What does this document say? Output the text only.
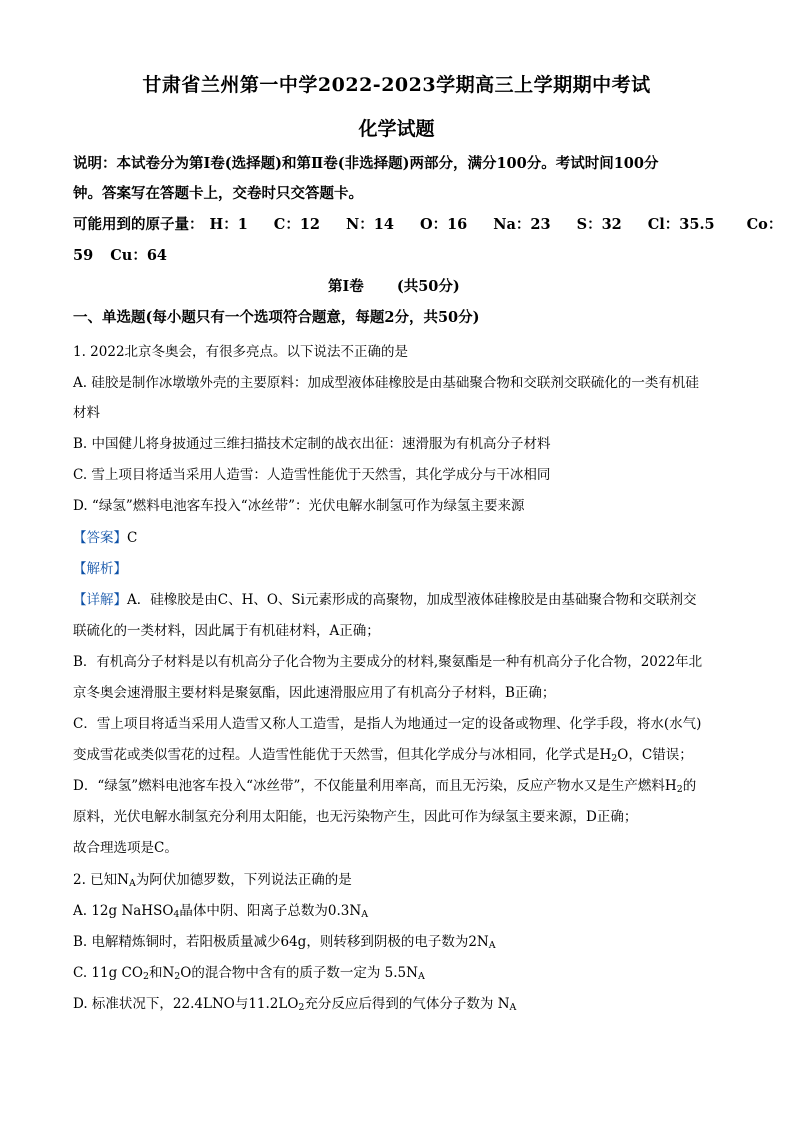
甘肃省兰州第一中学2022-2023学期高三上学期期中考试
化学试题
说明：本试卷分为第Ⅰ卷(选择题)和第Ⅱ卷(非选择题)两部分，满分100分。考试时间100分
钟。答案写在答题卡上，交卷时只交答题卡。
可能用到的原子量： H：1 C：12 N：14 O：16 Na：23 S：32 Cl：35.5 Co：
59 Cu：64
第Ⅰ卷 (共50分)
一、单选题(每小题只有一个选项符合题意，每题2分，共50分)
1. 2022北京冬奥会，有很多亮点。以下说法不正确的是
A. 硅胶是制作冰墩墩外壳的主要原料：加成型液体硅橡胶是由基础聚合物和交联剂交联硫化的一类有机硅
材料
B. 中国健儿将身披通过三维扫描技术定制的战衣出征：速滑服为有机高分子材料
C. 雪上项目将适当采用人造雪：人造雪性能优于天然雪，其化学成分与干冰相同
D. “绿氢”燃料电池客车投入“冰丝带”：光伏电解水制氢可作为绿氢主要来源
【答案】C
【解析】
【详解】A．硅橡胶是由C、H、O、Si元素形成的高聚物，加成型液体硅橡胶是由基础聚合物和交联剂交
联硫化的一类材料，因此属于有机硅材料，A正确；
B．有机高分子材料是以有机高分子化合物为主要成分的材料,聚氨酯是一种有机高分子化合物，2022年北
京冬奥会速滑服主要材料是聚氨酯，因此速滑服应用了有机高分子材料，B正确；
C．雪上项目将适当采用人造雪又称人工造雪，是指人为地通过一定的设备或物理、化学手段，将水(水气)
变成雪花或类似雪花的过程。人造雪性能优于天然雪，但其化学成分与冰相同，化学式是$H_2O$，C错误；
D．“绿氢”燃料电池客车投入“冰丝带”，不仅能量利用率高，而且无污染，反应产物水又是生产燃料$H_2$的
原料，光伏电解水制氢充分利用太阳能，也无污染物产生，因此可作为绿氢主要来源，D正确；
故合理选项是C。
2. 已知$N_A$为阿伏加德罗数，下列说法正确的是
A. 12g NaHSO$_4$晶体中阴、阳离子总数为$0.3N_A$
B. 电解精炼铜时，若阳极质量减少64g，则转移到阴极的电子数为$2N_A$
C. 11g $CO_2$和$N_2O$的混合物中含有的质子数一定为 $5.5N_A$
D. 标准状况下，22.4LNO与$11.2LO_2$充分反应后得到的气体分子数为 $N_A$
